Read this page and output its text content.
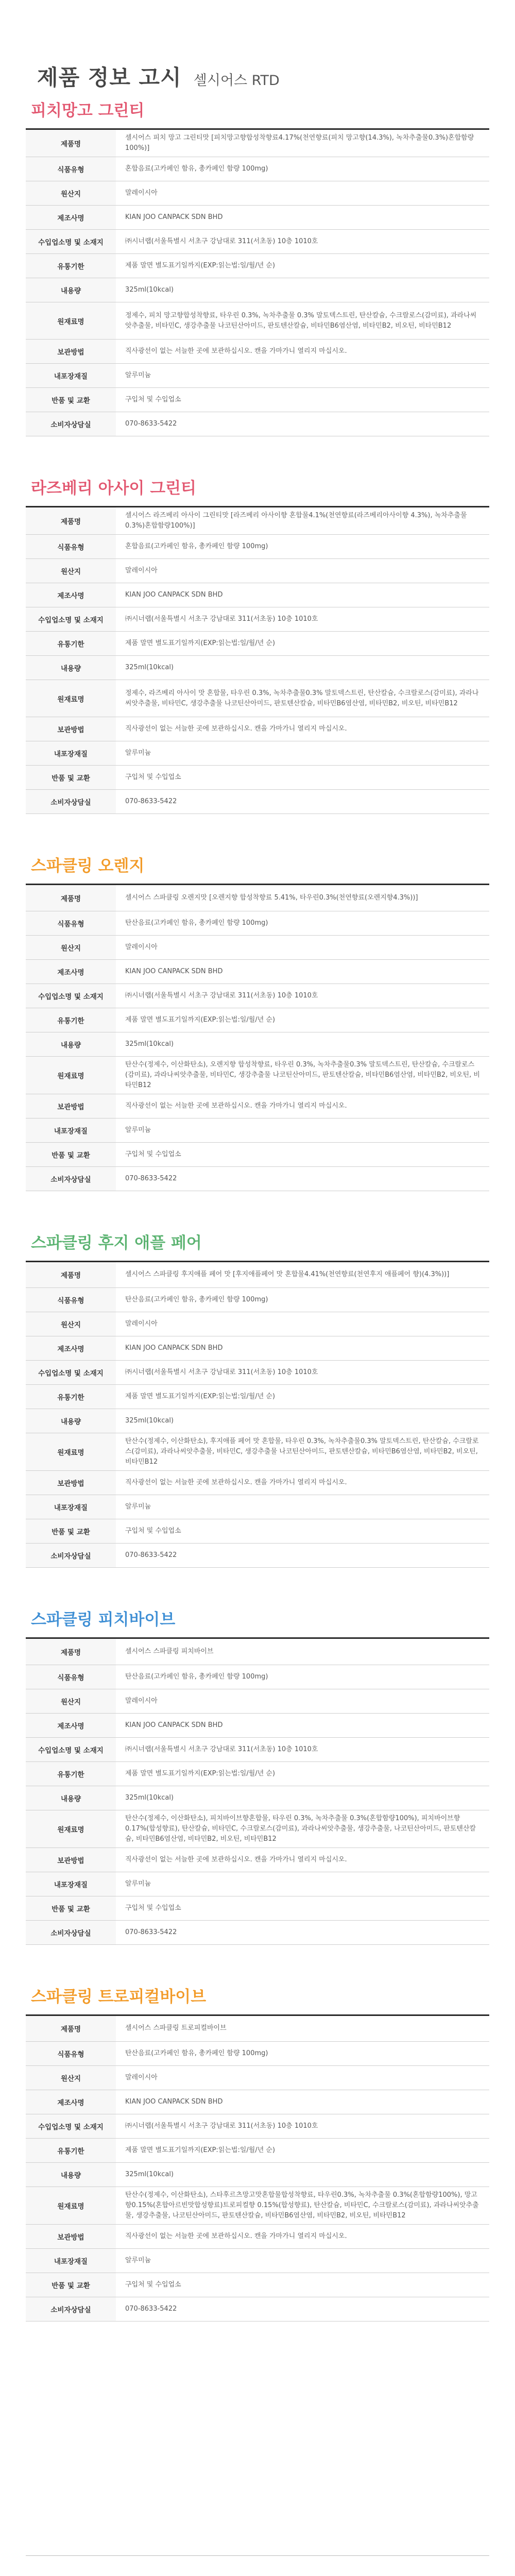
제품 정보 고시 셀시어스 RTD
피치망고 그린티
제품명	셀시어스 피치 망고 그린티맛 [피치망고향합성착향료4.17%(천연향료(피치 망고향(14.3%), 녹차추출물0.3%)혼합함량100%)]
식품유형	혼합음료(고카페인 함유, 총카페인 함량 100mg)
원산지	말레이시아
제조사명	KIAN JOO CANPACK SDN BHD
수입업소명 및 소재지	㈜시너랩(서울특별시 서초구 강남대로 311(서초동) 10층 1010호
유통기한	제품 말면 별도표기일까지(EXP:읽는법:일/월/년 순)
내용량	325ml(10kcal)
원재료명	정제수, 피치 망고향합성착향료, 타우린 0.3%, 녹차추출물 0.3% 말토덱스트린, 탄산칼슘, 수크랄로스(감미료), 과라나씨앗추출물, 비타민C, 생강추출물 나코틴산아미드, 판토텐산칼슘, 비타민B6염산염, 비타민B2, 비오틴, 비타민B12
보관방법	직사광선이 없는 서늘한 곳에 보관하십시오. 캔을 가마가니 열리지 마십시오.
내포장재질	알루미늄
반품 및 교환	구입처 및 수입업소
소비자상담실	070-8633-5422
라즈베리 아사이 그린티
제품명	셀시어스 라즈베리 아사이 그린티맛 [라즈베리 아사이향 혼합물4.1%(천연향료(라즈베리아사이향 4.3%), 녹차추출물0.3%)혼합함량100%)]
식품유형	혼합음료(고카페인 함유, 총카페인 함량 100mg)
원산지	말레이시아
제조사명	KIAN JOO CANPACK SDN BHD
수입업소명 및 소재지	㈜시너랩(서울특별시 서초구 강남대로 311(서초동) 10층 1010호
유통기한	제품 말면 별도표기일까지(EXP:읽는법:일/월/년 순)
내용량	325ml(10kcal)
원재료명	정제수, 라즈베리 아사이 맛 혼합물, 타우린 0.3%, 녹차추출물0.3% 말토덱스트린, 탄산칼슘, 수크랄로스(감미료), 과라나씨앗추출물, 비타민C, 생강추출물 나코틴산아미드, 판토텐산칼슘, 비타민B6염산염, 비타민B2, 비오틴, 비타민B12
보관방법	직사광선이 없는 서늘한 곳에 보관하십시오. 캔을 가마가니 열리지 마십시오.
내포장재질	알루미늄
반품 및 교환	구입처 및 수입업소
소비자상담실	070-8633-5422
스파클링 오렌지
제품명	셀시어스 스파클링 오렌지맛 [오렌지향 합성착향료 5.41%, 타우린0.3%(천연향료(오렌지향4.3%))]
식품유형	탄산음료(고카페인 함유, 총카페인 함량 100mg)
원산지	말레이시아
제조사명	KIAN JOO CANPACK SDN BHD
수입업소명 및 소재지	㈜시너랩(서울특별시 서초구 강남대로 311(서초동) 10층 1010호
유통기한	제품 말면 별도표기일까지(EXP:읽는법:일/월/년 순)
내용량	325ml(10kcal)
원재료명	탄산수(정제수, 이산화탄소), 오렌지향 합성착향료, 타우린 0.3%, 녹차추출물0.3% 말토덱스트린, 탄산칼슘, 수크랄로스(감미료), 과라나씨앗추출물, 비타민C, 생강추출물 나코틴산아미드, 판토텐산칼슘, 비타민B6염산염, 비타민B2, 비오틴, 비타민B12
보관방법	직사광선이 없는 서늘한 곳에 보관하십시오. 캔을 가마가니 열리지 마십시오.
내포장재질	알루미늄
반품 및 교환	구입처 및 수입업소
소비자상담실	070-8633-5422
스파클링 후지 애플 페어
제품명	셀시어스 스파클링 후지애플 페어 맛 [후지애플페어 맛 혼합물4.41%(천연향료(천연후지 애플페어 향)(4.3%))]
식품유형	탄산음료(고카페인 함유, 총카페인 함량 100mg)
원산지	말레이시아
제조사명	KIAN JOO CANPACK SDN BHD
수입업소명 및 소재지	㈜시너랩(서울특별시 서초구 강남대로 311(서초동) 10층 1010호
유통기한	제품 말면 별도표기일까지(EXP:읽는법:일/월/년 순)
내용량	325ml(10kcal)
원재료명	탄산수(정제수, 이산화탄소), 후지애플 페어 맛 혼합물, 타우린 0.3%, 녹차추출물0.3% 말토덱스트린, 탄산칼슘, 수크랄로스(감미료), 과라나씨앗추출물, 비타민C, 생강추출물 나코틴산아미드, 판토텐산칼슘, 비타민B6염산염, 비타민B2, 비오틴, 비타민B12
보관방법	직사광선이 없는 서늘한 곳에 보관하십시오. 캔을 가마가니 열리지 마십시오.
내포장재질	알루미늄
반품 및 교환	구입처 및 수입업소
소비자상담실	070-8633-5422
스파클링 피치바이브
제품명	셀시어스 스파클링 피치바이브
식품유형	탄산음료(고카페인 함유, 총카페인 함량 100mg)
원산지	말레이시아
제조사명	KIAN JOO CANPACK SDN BHD
수입업소명 및 소재지	㈜시너랩(서울특별시 서초구 강남대로 311(서초동) 10층 1010호
유통기한	제품 말면 별도표기일까지(EXP:읽는법:일/월/년 순)
내용량	325ml(10kcal)
원재료명	탄산수(정제수, 이산화탄소), 피치바이브향혼합물, 타우린 0.3%, 녹차추출물 0.3%(혼합함량100%), 피치바이브향0.17%(합성향료), 탄산칼슘, 비타민C, 수크랄로스(감미료), 과라나씨앗추출물, 생강추출물, 나코틴산아미드, 판토텐산칼슘, 비타민B6염산염, 비타민B2, 비오틴, 비타민B12
보관방법	직사광선이 없는 서늘한 곳에 보관하십시오. 캔을 가마가니 열리지 마십시오.
내포장재질	알루미늄
반품 및 교환	구입처 및 수입업소
소비자상담실	070-8633-5422
스파클링 트로피컬바이브
제품명	셀시어스 스파클링 트로피컬바이브
식품유형	탄산음료(고카페인 함유, 총카페인 함량 100mg)
원산지	말레이시아
제조사명	KIAN JOO CANPACK SDN BHD
수입업소명 및 소재지	㈜시너랩(서울특별시 서초구 강남대로 311(서초동) 10층 1010호
유통기한	제품 말면 별도표기일까지(EXP:읽는법:일/월/년 순)
내용량	325ml(10kcal)
원재료명	탄산수(정제수, 이산화탄소), 스타후르츠망고맛혼합물합성착향료, 타우린0.3%, 녹차추출물 0.3%(혼합함량100%), 망고향0.15%(혼합아르빈맛합성향료)트로피컬향 0.15%(합성향료), 탄산칼슘, 비타민C, 수크랄로스(감미료), 과라나씨앗추출물, 생강추출물, 나코틴산아미드, 판토텐산칼슘, 비타민B6염산염, 비타민B2, 비오틴, 비타민B12
보관방법	직사광선이 없는 서늘한 곳에 보관하십시오. 캔을 가마가니 열리지 마십시오.
내포장재질	알루미늄
반품 및 교환	구입처 및 수입업소
소비자상담실	070-8633-5422
